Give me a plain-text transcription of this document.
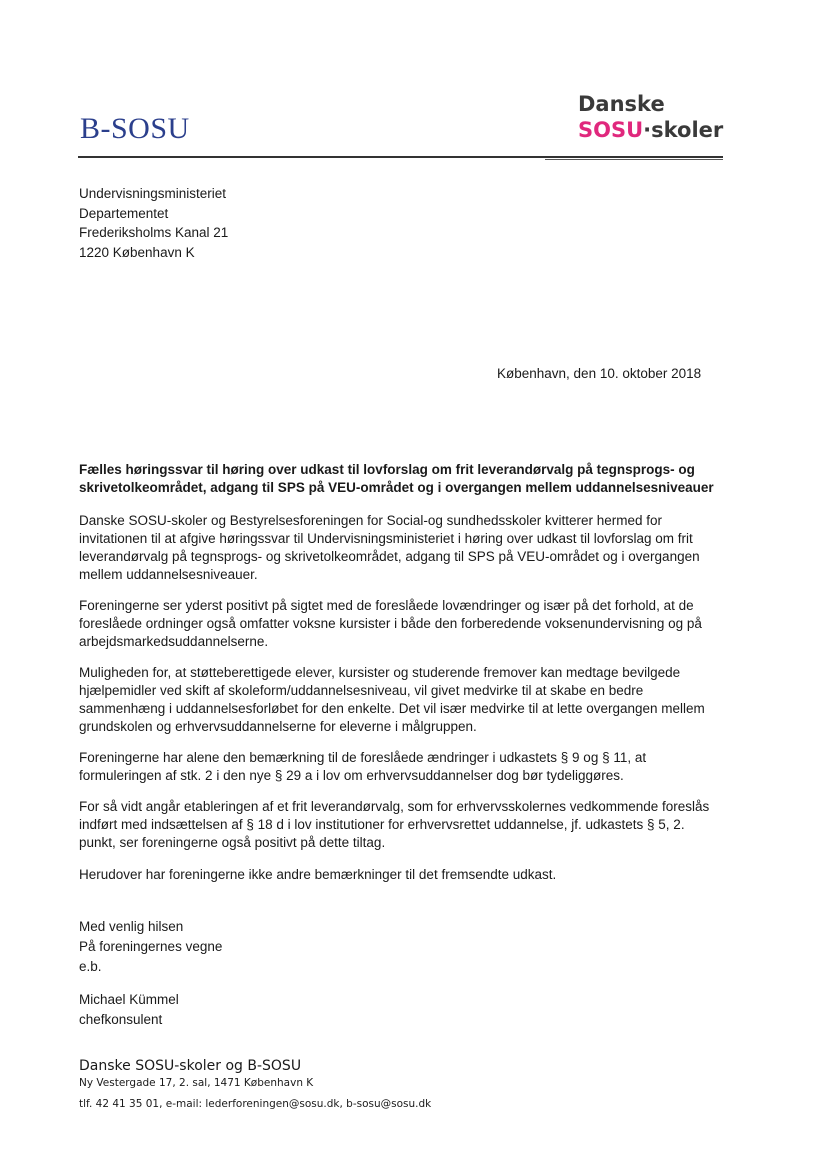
B-SOSU
Danske
SOSU·skoler
Undervisningsministeriet
Departementet
Frederiksholms Kanal 21
1220 København K
København, den 10. oktober 2018
Fælles høringssvar til høring over udkast til lovforslag om frit leverandørvalg på tegnsprogs- og skrivetolkeområdet, adgang til SPS på VEU-området og i overgangen mellem uddannelsesniveauer
Danske SOSU-skoler og Bestyrelsesforeningen for Social-og sundhedsskoler kvitterer hermed for invitationen til at afgive høringssvar til Undervisningsministeriet i høring over udkast til lovforslag om frit leverandørvalg på tegnsprogs- og skrivetolkeområdet, adgang til SPS på VEU-området og i overgangen mellem uddannelsesniveauer.
Foreningerne ser yderst positivt på sigtet med de foreslåede lovændringer og især på det forhold, at de foreslåede ordninger også omfatter voksne kursister i både den forberedende voksenundervisning og på arbejdsmarkedsuddannelserne.
Muligheden for, at støtteberettigede elever, kursister og studerende fremover kan medtage bevilgede hjælpemidler ved skift af skoleform/uddannelsesniveau, vil givet medvirke til at skabe en bedre sammenhæng i uddannelsesforløbet for den enkelte. Det vil især medvirke til at lette overgangen mellem grundskolen og erhvervsuddannelserne for eleverne i målgruppen.
Foreningerne har alene den bemærkning til de foreslåede ændringer i udkastets § 9 og § 11, at formuleringen af stk. 2 i den nye § 29 a i lov om erhvervsuddannelser dog bør tydeliggøres.
For så vidt angår etableringen af et frit leverandørvalg, som for erhvervsskolernes vedkommende foreslås indført med indsættelsen af § 18 d i lov institutioner for erhvervsrettet uddannelse, jf. udkastets § 5, 2. punkt, ser foreningerne også positivt på dette tiltag.
Herudover har foreningerne ikke andre bemærkninger til det fremsendte udkast.
Med venlig hilsen
På foreningernes vegne
e.b.
Michael Kümmel
chefkonsulent
Danske SOSU-skoler og B-SOSU
Ny Vestergade 17, 2. sal, 1471 København K
tlf. 42 41 35 01, e-mail: lederforeningen@sosu.dk, b-sosu@sosu.dk
